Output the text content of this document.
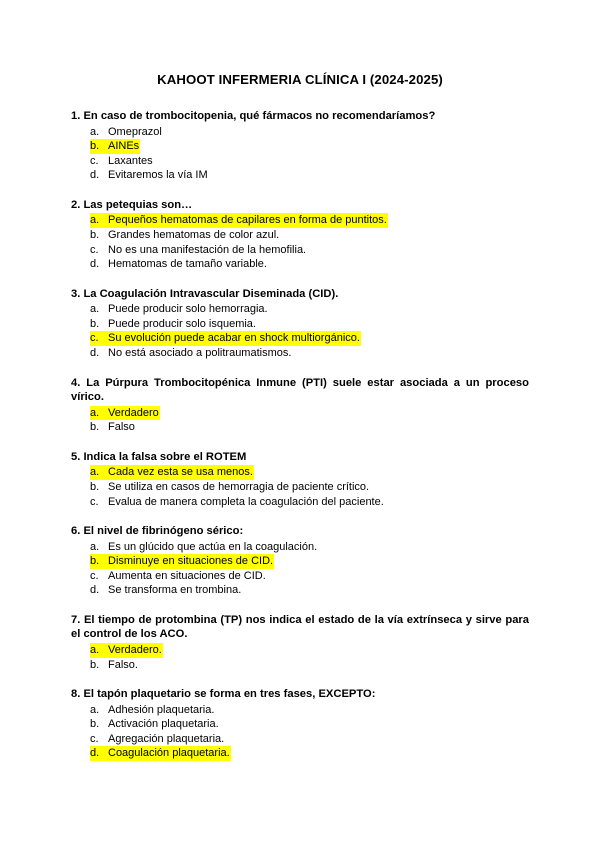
KAHOOT INFERMERIA CLÍNICA I (2024-2025)

1. En caso de trombocitopenia, qué fármacos no recomendaríamos?

a. Omeprazol
b. AINEs
c. Laxantes
d. Evitaremos la vía IM

2. Las petequias son…

a. Pequeños hematomas de capilares en forma de puntitos.
b. Grandes hematomas de color azul.
c. No es una manifestación de la hemofilia.
d. Hematomas de tamaño variable.

3. La Coagulación Intravascular Diseminada (CID).

a. Puede producir solo hemorragia.
b. Puede producir solo isquemia.
c. Su evolución puede acabar en shock multiorgánico.
d. No está asociado a politraumatismos.

4. La Púrpura Trombocitopénica Inmune (PTI) suele estar asociada a un proceso vírico.

a. Verdadero
b. Falso

5. Indica la falsa sobre el ROTEM

a. Cada vez esta se usa menos.
b. Se utiliza en casos de hemorragia de paciente crítico.
c. Evalua de manera completa la coagulación del paciente.

6. El nivel de fibrinógeno sérico:

a. Es un glúcido que actúa en la coagulación.
b. Disminuye en situaciones de CID.
c. Aumenta en situaciones de CID.
d. Se transforma en trombina.

7. El tiempo de protombina (TP) nos indica el estado de la vía extrínseca y sirve para el control de los ACO.

a. Verdadero.
b. Falso.

8. El tapón plaquetario se forma en tres fases, EXCEPTO:

a. Adhesión plaquetaria.
b. Activación plaquetaria.
c. Agregación plaquetaria.
d. Coagulación plaquetaria.
